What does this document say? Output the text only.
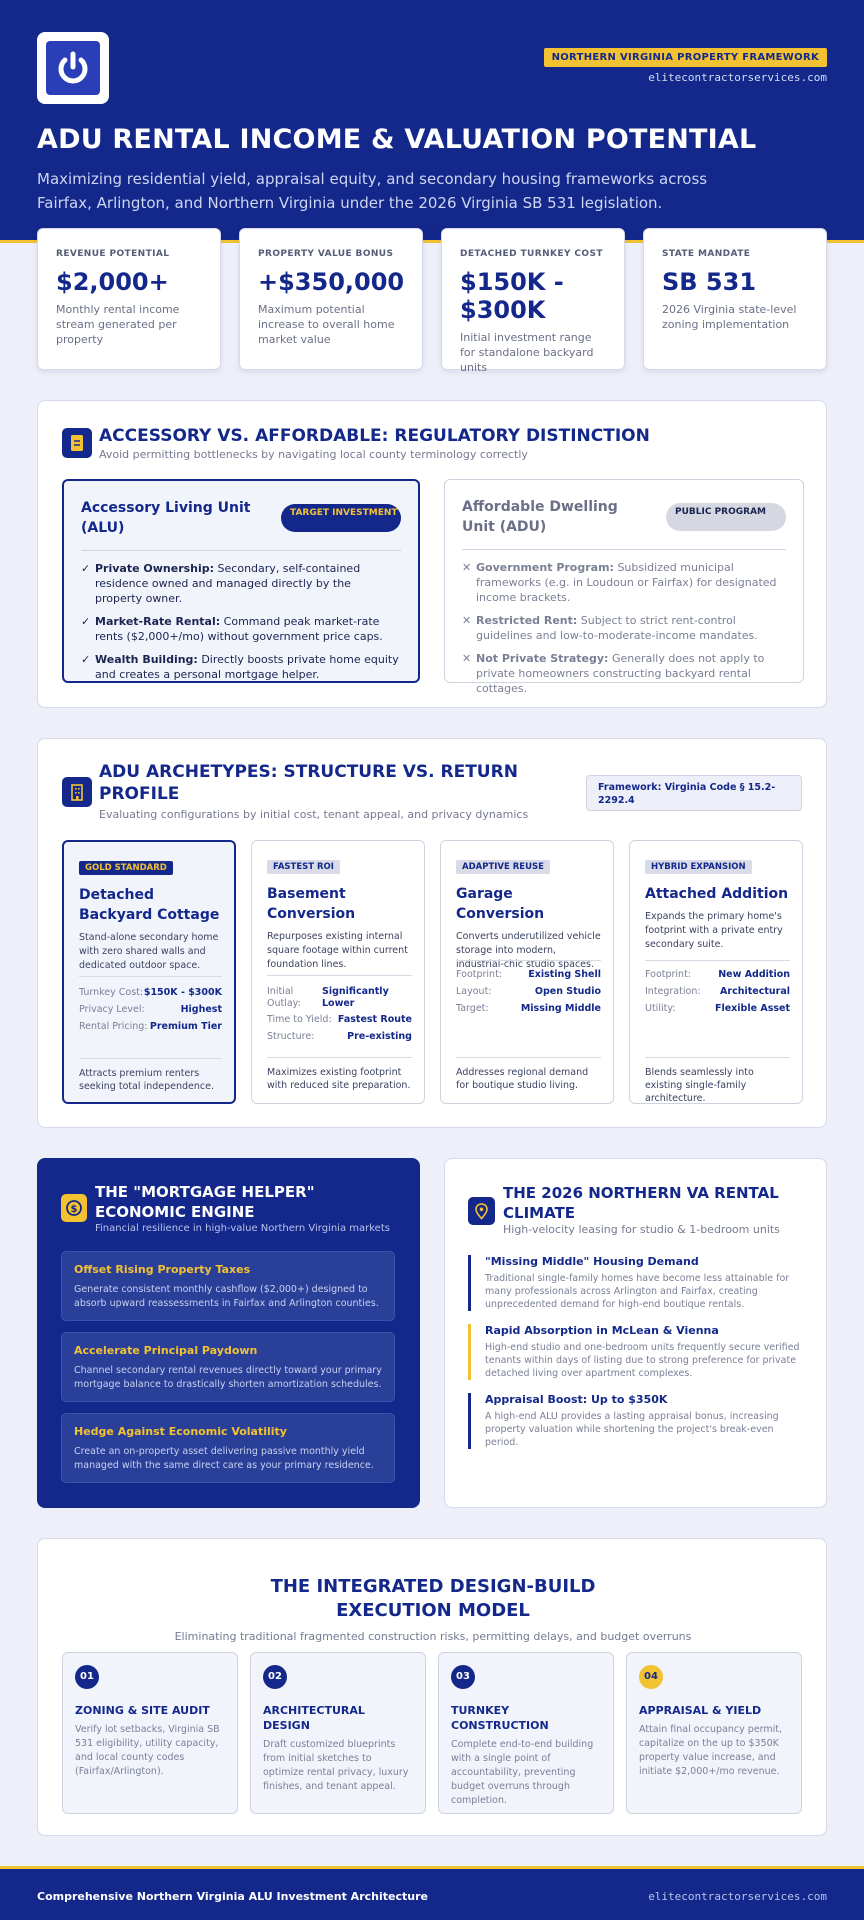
NORTHERN VIRGINIA PROPERTY FRAMEWORK
elitecontractorservices.com
ADU RENTAL INCOME & VALUATION POTENTIAL
Maximizing residential yield, appraisal equity, and secondary housing frameworks across Fairfax, Arlington, and Northern Virginia under the 2026 Virginia SB 531 legislation.
REVENUE POTENTIAL
$2,000+
Monthly rental income stream generated per property
PROPERTY VALUE BONUS
+$350,000
Maximum potential increase to overall home market value
DETACHED TURNKEY COST
$150K - $300K
Initial investment range for standalone backyard units
STATE MANDATE
SB 531
2026 Virginia state-level zoning implementation
ACCESSORY VS. AFFORDABLE: REGULATORY DISTINCTION
Avoid permitting bottlenecks by navigating local county terminology correctly
Accessory Living Unit (ALU)
TARGET INVESTMENT
✓ Private Ownership: Secondary, self-contained residence owned and managed directly by the property owner.
✓ Market-Rate Rental: Command peak market-rate rents ($2,000+/mo) without government price caps.
✓ Wealth Building: Directly boosts private home equity and creates a personal mortgage helper.
Affordable Dwelling Unit (ADU)
PUBLIC PROGRAM
✕ Government Program: Subsidized municipal frameworks (e.g. in Loudoun or Fairfax) for designated income brackets.
✕ Restricted Rent: Subject to strict rent-control guidelines and low-to-moderate-income mandates.
✕ Not Private Strategy: Generally does not apply to private homeowners constructing backyard rental cottages.
ADU ARCHETYPES: STRUCTURE VS. RETURN PROFILE
Evaluating configurations by initial cost, tenant appeal, and privacy dynamics
Framework: Virginia Code § 15.2-2292.4
GOLD STANDARD
Detached Backyard Cottage
Stand-alone secondary home with zero shared walls and dedicated outdoor space.
Turnkey Cost: $150K - $300K
Privacy Level:	Highest
Rental Pricing: Premium Tier
Attracts premium renters seeking total independence.
FASTEST ROI
Basement Conversion
Repurposes existing internal square footage within current foundation lines.
Initial Outlay:
Significantly Lower
Time to Yield: Fastest Route
Structure:	Pre-existing
Maximizes existing footprint with reduced site preparation.
ADAPTIVE REUSE
Garage Conversion
Converts underutilized vehicle storage into modern, industrial-chic studio spaces.
Footprint:	Existing Shell
Layout:	Open Studio
Target:	Missing Middle
Addresses regional demand for boutique studio living.
HYBRID EXPANSION
Attached Addition
Expands the primary home's footprint with a private entry secondary suite.
Footprint:	New Addition
Integration: Architectural
Utility:	Flexible Asset
Blends seamlessly into existing single-family architecture.
$
THE "MORTGAGE HELPER" ECONOMIC ENGINE
Financial resilience in high-value Northern Virginia markets
Offset Rising Property Taxes
Generate consistent monthly cashflow ($2,000+) designed to absorb upward reassessments in Fairfax and Arlington counties.
Accelerate Principal Paydown
Channel secondary rental revenues directly toward your primary mortgage balance to drastically shorten amortization schedules.
Hedge Against Economic Volatility
Create an on-property asset delivering passive monthly yield managed with the same direct care as your primary residence.
THE 2026 NORTHERN VA RENTAL CLIMATE
High-velocity leasing for studio & 1-bedroom units
"Missing Middle" Housing Demand
Traditional single-family homes have become less attainable for many professionals across Arlington and Fairfax, creating unprecedented demand for high-end boutique rentals.
Rapid Absorption in McLean & Vienna
High-end studio and one-bedroom units frequently secure verified tenants within days of listing due to strong preference for private detached living over apartment complexes.
Appraisal Boost: Up to $350K
A high-end ALU provides a lasting appraisal bonus, increasing property valuation while shortening the project's break-even period.
THE INTEGRATED DESIGN-BUILD EXECUTION MODEL
Eliminating traditional fragmented construction risks, permitting delays, and budget overruns
01
ZONING & SITE AUDIT
Verify lot setbacks, Virginia SB 531 eligibility, utility capacity, and local county codes (Fairfax/Arlington).
02
ARCHITECTURAL DESIGN
Draft customized blueprints from initial sketches to optimize rental privacy, luxury finishes, and tenant appeal.
03
TURNKEY CONSTRUCTION
Complete end-to-end building with a single point of accountability, preventing budget overruns through completion.
04
APPRAISAL & YIELD
Attain final occupancy permit, capitalize on the up to $350K property value increase, and initiate $2,000+/mo revenue.
Comprehensive Northern Virginia ALU Investment Architecture	elitecontractorservices.com
